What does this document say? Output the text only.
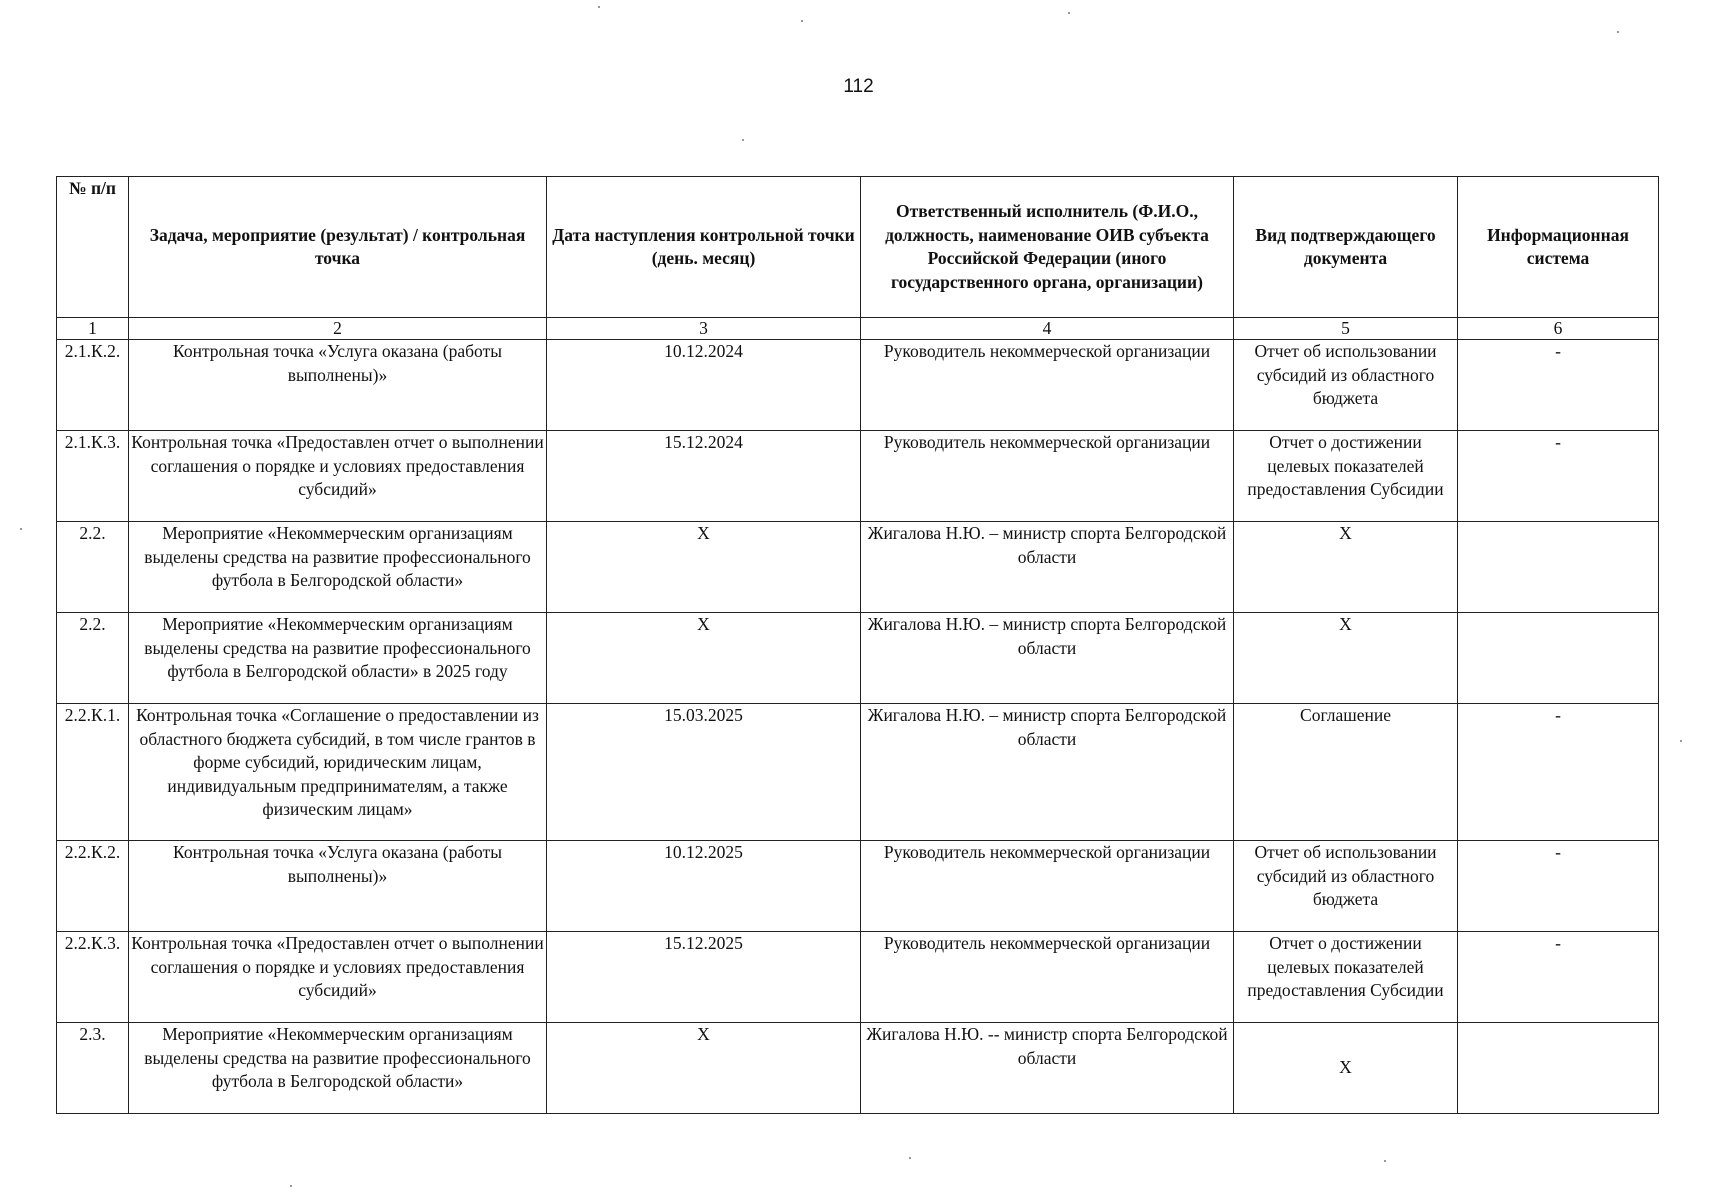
112
№ п/п	Задача, мероприятие (результат) / контрольная точка	Дата наступления контрольной точки (день. месяц)	Ответственный исполнитель (Ф.И.О., должность, наименование ОИВ субъекта Российской Федерации (иного государственного органа, организации)	Вид подтверждающего документа	Информационная система
1	2	3	4	5	6
2.1.К.2.	Контрольная точка «Услуга оказана (работы выполнены)»	10.12.2024	Руководитель некоммерческой организации	Отчет об использовании субсидий из областного бюджета	-
2.1.К.3.	Контрольная точка «Предоставлен отчет о выполнении соглашения о порядке и условиях предоставления субсидий»	15.12.2024	Руководитель некоммерческой организации	Отчет о достижении целевых показателей предоставления Субсидии	-
2.2.	Мероприятие «Некоммерческим организациям выделены средства на развитие профессионального футбола в Белгородской области»	Х	Жигалова Н.Ю. – министр спорта Белгородской области	Х	
2.2.	Мероприятие «Некоммерческим организациям выделены средства на развитие профессионального футбола в Белгородской области» в 2025 году	Х	Жигалова Н.Ю. – министр спорта Белгородской области	Х	
2.2.К.1.	Контрольная точка «Соглашение о предоставлении из областного бюджета субсидий, в том числе грантов в форме субсидий, юридическим лицам, индивидуальным предпринимателям, а также физическим лицам»	15.03.2025	Жигалова Н.Ю. – министр спорта Белгородской области	Соглашение	-
2.2.К.2.	Контрольная точка «Услуга оказана (работы выполнены)»	10.12.2025	Руководитель некоммерческой организации	Отчет об использовании субсидий из областного бюджета	-
2.2.К.3.	Контрольная точка «Предоставлен отчет о выполнении соглашения о порядке и условиях предоставления субсидий»	15.12.2025	Руководитель некоммерческой организации	Отчет о достижении целевых показателей предоставления Субсидии	-
2.3.	Мероприятие «Некоммерческим организациям выделены средства на развитие профессионального футбола в Белгородской области»	Х	Жигалова Н.Ю. -- министр спорта Белгородской области	Х	
